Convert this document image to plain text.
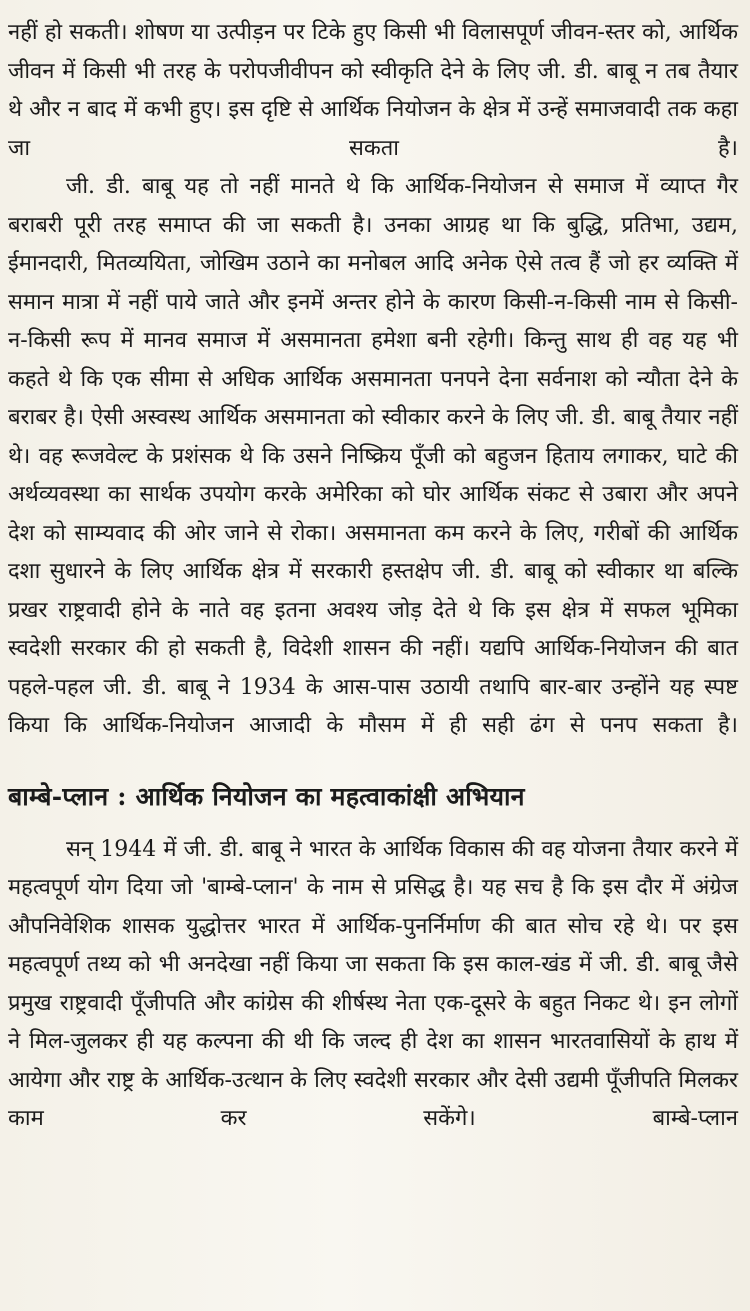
नहीं हो सकती। शोषण या उत्पीड़न पर टिके हुए किसी भी विलासपूर्ण जीवन-स्तर को, आर्थिक जीवन में किसी भी तरह के परोपजीवीपन को स्वीकृति देने के लिए जी. डी. बाबू न तब तैयार थे और न बाद में कभी हुए। इस दृष्टि से आर्थिक नियोजन के क्षेत्र में उन्हें समाजवादी तक कहा जा सकता है।

जी. डी. बाबू यह तो नहीं मानते थे कि आर्थिक-नियोजन से समाज में व्याप्त गैर बराबरी पूरी तरह समाप्त की जा सकती है। उनका आग्रह था कि बुद्धि, प्रतिभा, उद्यम, ईमानदारी, मितव्ययिता, जोखिम उठाने का मनोबल आदि अनेक ऐसे तत्व हैं जो हर व्यक्ति में समान मात्रा में नहीं पाये जाते और इनमें अन्तर होने के कारण किसी-न-किसी नाम से किसी-न-किसी रूप में मानव समाज में असमानता हमेशा बनी रहेगी। किन्तु साथ ही वह यह भी कहते थे कि एक सीमा से अधिक आर्थिक असमानता पनपने देना सर्वनाश को न्यौता देने के बराबर है। ऐसी अस्वस्थ आर्थिक असमानता को स्वीकार करने के लिए जी. डी. बाबू तैयार नहीं थे। वह रूजवेल्ट के प्रशंसक थे कि उसने निष्क्रिय पूँजी को बहुजन हिताय लगाकर, घाटे की अर्थव्यवस्था का सार्थक उपयोग करके अमेरिका को घोर आर्थिक संकट से उबारा और अपने देश को साम्यवाद की ओर जाने से रोका। असमानता कम करने के लिए, गरीबों की आर्थिक दशा सुधारने के लिए आर्थिक क्षेत्र में सरकारी हस्तक्षेप जी. डी. बाबू को स्वीकार था बल्कि प्रखर राष्ट्रवादी होने के नाते वह इतना अवश्य जोड़ देते थे कि इस क्षेत्र में सफल भूमिका स्वदेशी सरकार की हो सकती है, विदेशी शासन की नहीं। यद्यपि आर्थिक-नियोजन की बात पहले-पहल जी. डी. बाबू ने 1934 के आस-पास उठायी तथापि बार-बार उन्होंने यह स्पष्ट किया कि आर्थिक-नियोजन आजादी के मौसम में ही सही ढंग से पनप सकता है।

बाम्बे-प्लान : आर्थिक नियोजन का महत्वाकांक्षी अभियान

सन् 1944 में जी. डी. बाबू ने भारत के आर्थिक विकास की वह योजना तैयार करने में महत्वपूर्ण योग दिया जो 'बाम्बे-प्लान' के नाम से प्रसिद्ध है। यह सच है कि इस दौर में अंग्रेज औपनिवेशिक शासक युद्धोत्तर भारत में आर्थिक-पुनर्निर्माण की बात सोच रहे थे। पर इस महत्वपूर्ण तथ्य को भी अनदेखा नहीं किया जा सकता कि इस काल-खंड में जी. डी. बाबू जैसे प्रमुख राष्ट्रवादी पूँजीपति और कांग्रेस की शीर्षस्थ नेता एक-दूसरे के बहुत निकट थे। इन लोगों ने मिल-जुलकर ही यह कल्पना की थी कि जल्द ही देश का शासन भारतवासियों के हाथ में आयेगा और राष्ट्र के आर्थिक-उत्थान के लिए स्वदेशी सरकार और देसी उद्यमी पूँजीपति मिलकर काम कर सकेंगे। बाम्बे-प्लान
